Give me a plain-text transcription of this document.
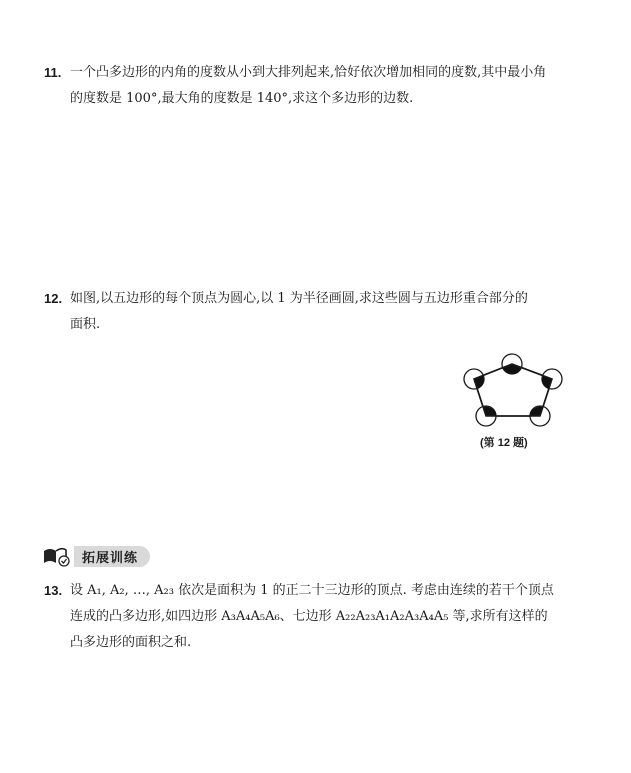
11. 一个凸多边形的内角的度数从小到大排列起来,恰好依次增加相同的度数,其中最小角
的度数是 100°,最大角的度数是 140°,求这个多边形的边数.
12. 如图,以五边形的每个顶点为圆心,以 1 为半径画圆,求这些圆与五边形重合部分的
面积.
(第 12 题)
拓展训练
13. 设 A₁, A₂, …, A₂₃ 依次是面积为 1 的正二十三边形的顶点. 考虑由连续的若干个顶点
连成的凸多边形,如四边形 A₃A₄A₅A₆、七边形 A₂₂A₂₃A₁A₂A₃A₄A₅ 等,求所有这样的
凸多边形的面积之和.
